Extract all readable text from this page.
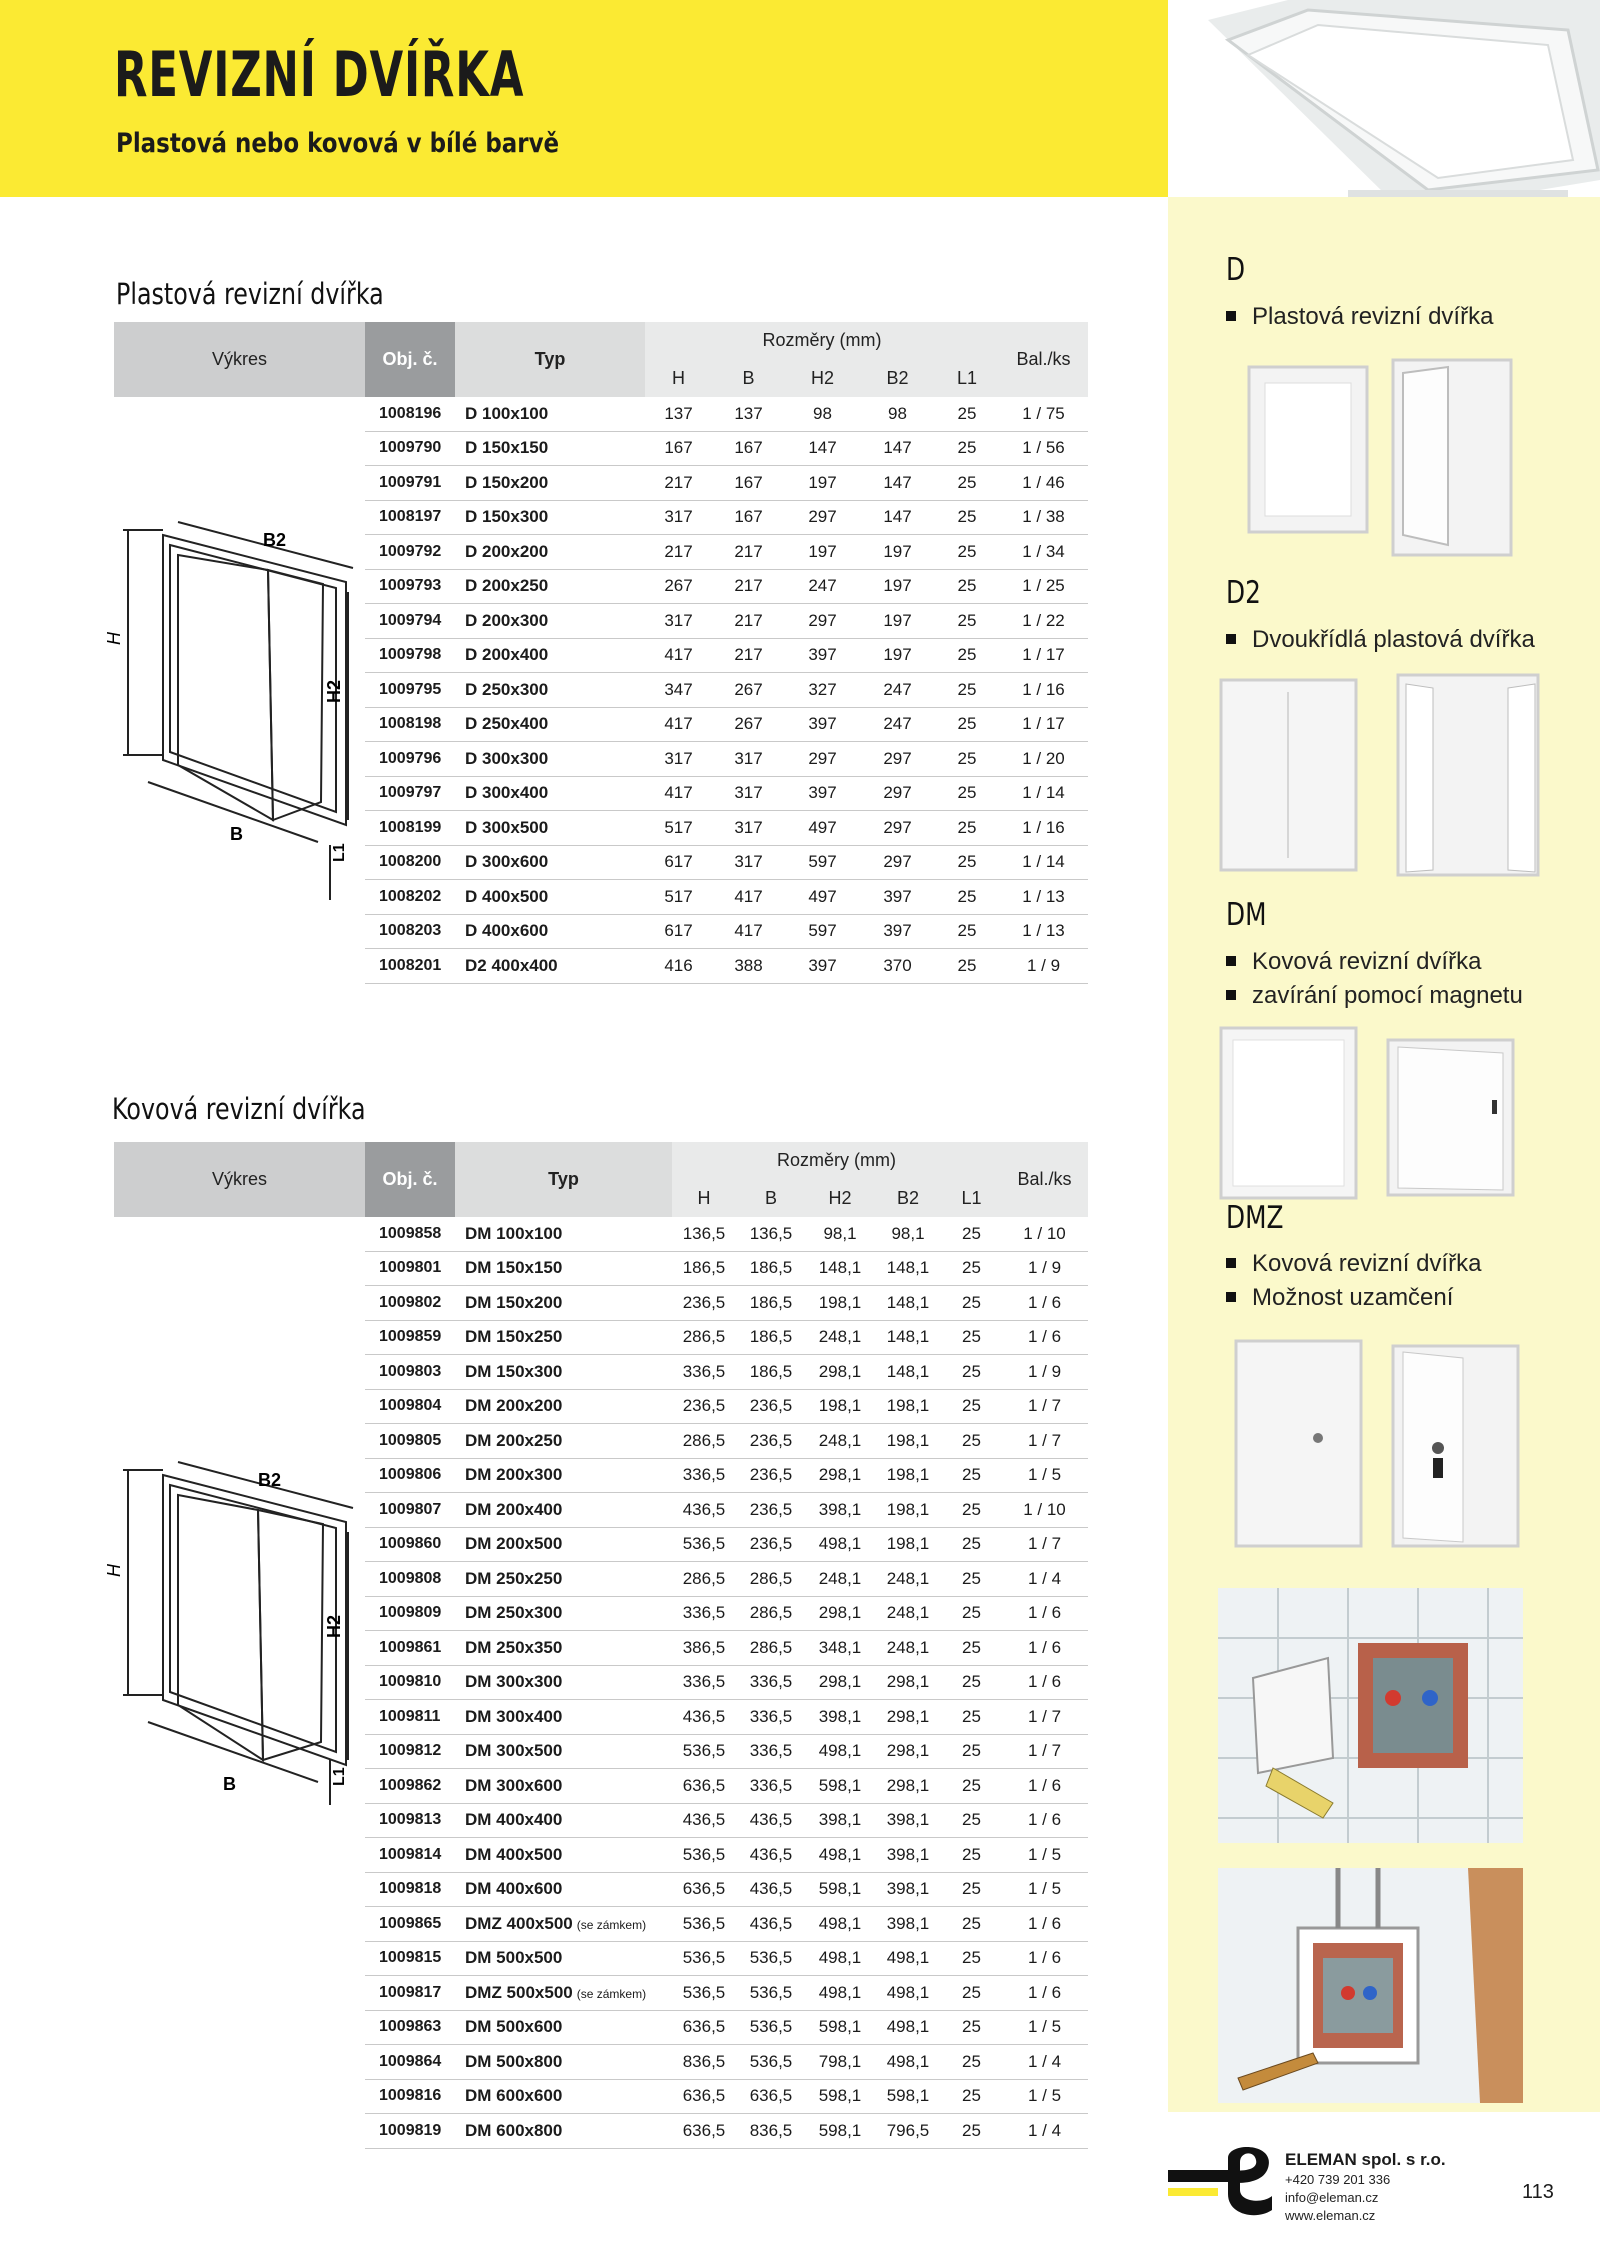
REVIZNÍ DVÍŘKA
Plastová nebo kovová v bílé barvě
D
Plastová revizní dvířka
D2
Dvoukřídlá plastová dvířka
DM
Kovová revizní dvířka
zavírání pomocí magnetu
DMZ
Kovová revizní dvířka
Možnost uzamčení
Plastová revizní dvířka
Výkres	Obj. č.	Typ	Rozměry (mm)					Bal./ks
			H	B	H2	B2	L1	
	1008196	D 100x100	137	137	98	98	25	1 / 75
	1009790	D 150x150	167	167	147	147	25	1 / 56
	1009791	D 150x200	217	167	197	147	25	1 / 46
	1008197	D 150x300	317	167	297	147	25	1 / 38
	1009792	D 200x200	217	217	197	197	25	1 / 34
	1009793	D 200x250	267	217	247	197	25	1 / 25
	1009794	D 200x300	317	217	297	197	25	1 / 22
	1009798	D 200x400	417	217	397	197	25	1 / 17
	1009795	D 250x300	347	267	327	247	25	1 / 16
	1008198	D 250x400	417	267	397	247	25	1 / 17
	1009796	D 300x300	317	317	297	297	25	1 / 20
	1009797	D 300x400	417	317	397	297	25	1 / 14
	1008199	D 300x500	517	317	497	297	25	1 / 16
	1008200	D 300x600	617	317	597	297	25	1 / 14
	1008202	D 400x500	517	417	497	397	25	1 / 13
	1008203	D 400x600	617	417	597	397	25	1 / 13
	1008201	D2 400x400	416	388	397	370	25	1 / 9
B2
H
H2
B
L1
Kovová revizní dvířka
Výkres	Obj. č.	Typ	Rozměry (mm)					Bal./ks
			H	B	H2	B2	L1	
	1009858	DM 100x100	136,5	136,5	98,1	98,1	25	1 / 10
	1009801	DM 150x150	186,5	186,5	148,1	148,1	25	1 / 9
	1009802	DM 150x200	236,5	186,5	198,1	148,1	25	1 / 6
	1009859	DM 150x250	286,5	186,5	248,1	148,1	25	1 / 6
	1009803	DM 150x300	336,5	186,5	298,1	148,1	25	1 / 9
	1009804	DM 200x200	236,5	236,5	198,1	198,1	25	1 / 7
	1009805	DM 200x250	286,5	236,5	248,1	198,1	25	1 / 7
	1009806	DM 200x300	336,5	236,5	298,1	198,1	25	1 / 5
	1009807	DM 200x400	436,5	236,5	398,1	198,1	25	1 / 10
	1009860	DM 200x500	536,5	236,5	498,1	198,1	25	1 / 7
	1009808	DM 250x250	286,5	286,5	248,1	248,1	25	1 / 4
	1009809	DM 250x300	336,5	286,5	298,1	248,1	25	1 / 6
	1009861	DM 250x350	386,5	286,5	348,1	248,1	25	1 / 6
	1009810	DM 300x300	336,5	336,5	298,1	298,1	25	1 / 6
	1009811	DM 300x400	436,5	336,5	398,1	298,1	25	1 / 7
	1009812	DM 300x500	536,5	336,5	498,1	298,1	25	1 / 7
	1009862	DM 300x600	636,5	336,5	598,1	298,1	25	1 / 6
	1009813	DM 400x400	436,5	436,5	398,1	398,1	25	1 / 6
	1009814	DM 400x500	536,5	436,5	498,1	398,1	25	1 / 5
	1009818	DM 400x600	636,5	436,5	598,1	398,1	25	1 / 5
	1009865	DMZ 400x500 (se zámkem)	536,5	436,5	498,1	398,1	25	1 / 6
	1009815	DM 500x500	536,5	536,5	498,1	498,1	25	1 / 6
	1009817	DMZ 500x500 (se zámkem)	536,5	536,5	498,1	498,1	25	1 / 6
	1009863	DM 500x600	636,5	536,5	598,1	498,1	25	1 / 5
	1009864	DM 500x800	836,5	536,5	798,1	498,1	25	1 / 4
	1009816	DM 600x600	636,5	636,5	598,1	598,1	25	1 / 5
	1009819	DM 600x800	636,5	836,5	598,1	796,5	25	1 / 4
B2
H
H2
B	L1
ELEMAN spol. s r.o.
+420 739 201 336
info@eleman.cz
www.eleman.cz
113
